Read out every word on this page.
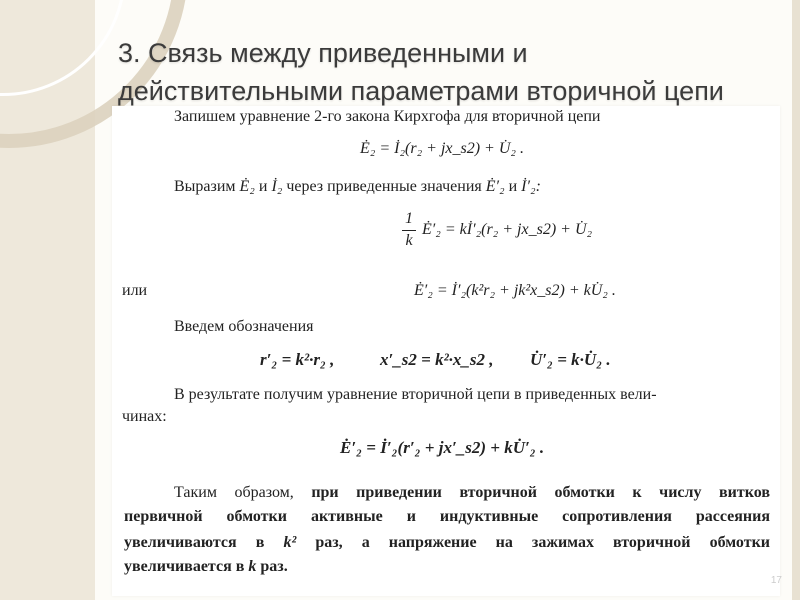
3. Связь между приведенными и
действительными параметрами вторичной цепи
Запишем уравнение 2-го закона Кирхгофа для вторичной цепи
Ė₂ = İ₂(r₂ + jx_s2) + U̇₂ .
Выразим Ė₂ и İ₂ через приведенные значения Ė′₂ и İ′₂:
1
k
Ė′₂ = kİ′₂(r₂ + jx_s2) + U̇₂
или	Ė′₂ = İ′₂(k²r₂ + jk²x_s2) + kU̇₂ .
Введем обозначения
r′₂ = k²·r₂ ,	x′_s2 = k²·x_s2 , U̇′₂ = k·U̇₂ .
В результате получим уравнение вторичной цепи в приведенных вели-
чинах:
Ė′₂ = İ′₂(r′₂ + jx′_s2) + kU̇′₂ .
Таким образом, при приведении вторичной обмотки к числу витков
первичной обмотки активные и индуктивные сопротивления рассеяния
увеличиваются в k² раз, а напряжение на зажимах вторичной обмотки
увеличивается в k раз.
17
